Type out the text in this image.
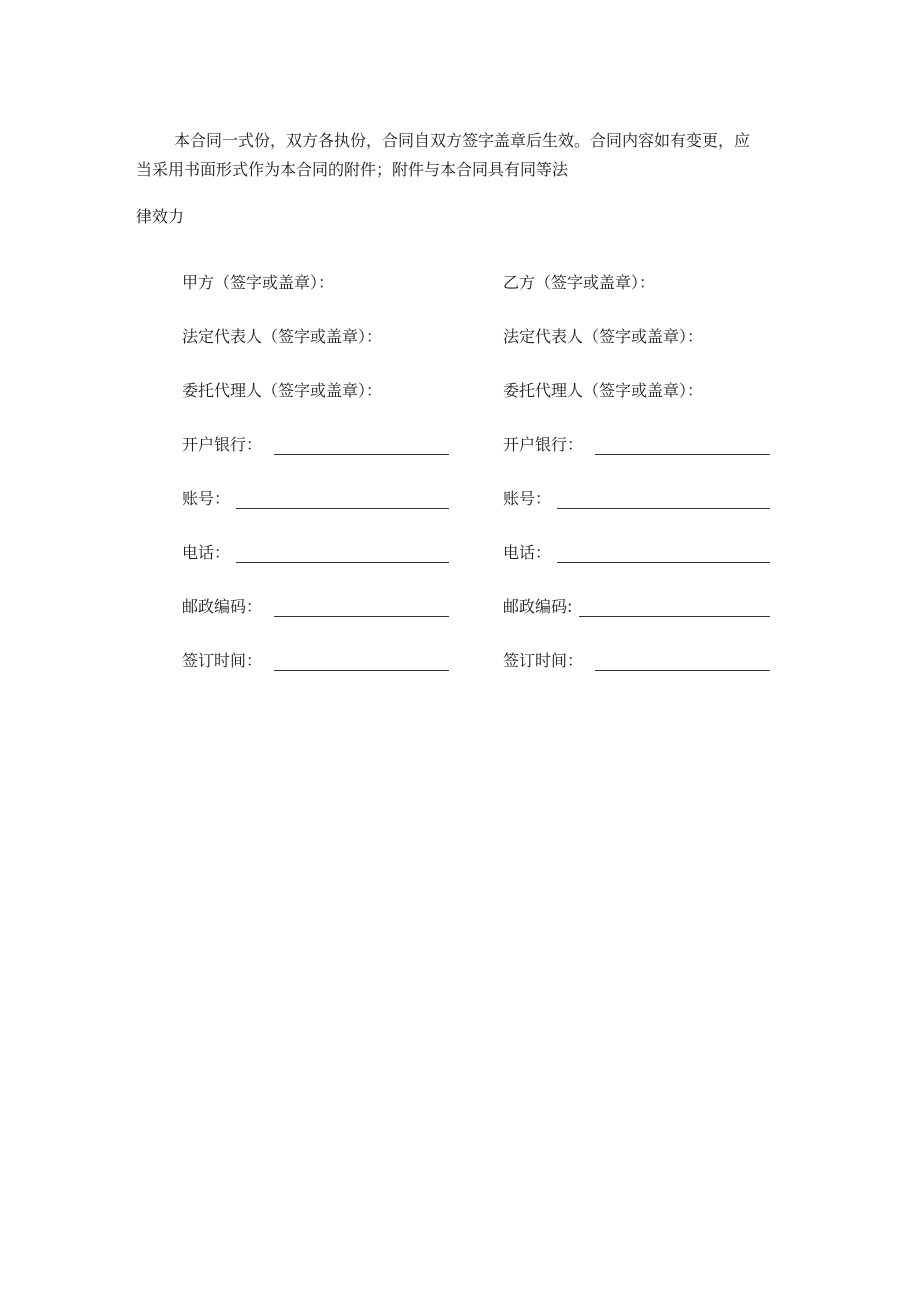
本合同一式份，双方各执份，合同自双方签字盖章后生效。合同内容如有变更，应
当采用书面形式作为本合同的附件；附件与本合同具有同等法
律效力
甲方（签字或盖章）：	乙方（签字或盖章）：
法定代表人（签字或盖章）：	法定代表人（签字或盖章）：
委托代理人（签字或盖章）：	委托代理人（签字或盖章）：
开户银行：	开户银行：
账号：	账号：
电话：	电话：
邮政编码：	邮政编码:
签订时间：	签订时间：
